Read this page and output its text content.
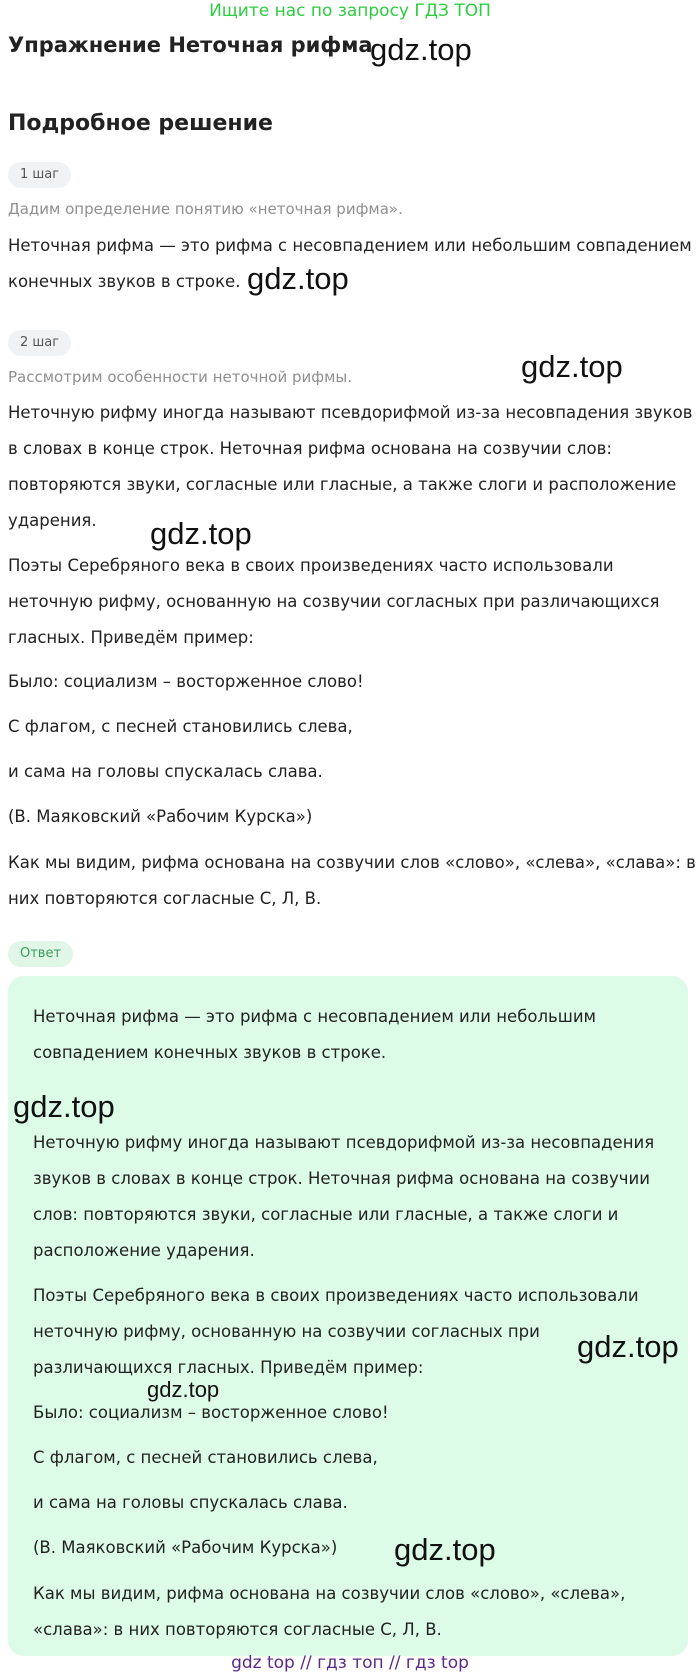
Ищите нас по запросу ГДЗ ТОП
Упражнение Неточная рифма
gdz.top
Подробное решение
1 шаг
Дадим определение понятию «неточная рифма».
Неточная рифма — это рифма с несовпадением или небольшим совпадением
конечных звуков в строке. gdz.top
2 шаг
Рассмотрим особенности неточной рифмы.	gdz.top
Неточную рифму иногда называют псевдорифмой из-за несовпадения звуков
в словах в конце строк. Неточная рифма основана на созвучии слов:
повторяются звуки, согласные или гласные, а также слоги и расположение
ударения.	gdz.top
Поэты Серебряного века в своих произведениях часто использовали
неточную рифму, основанную на созвучии согласных при различающихся
гласных. Приведём пример:
Было: социализм – восторженное слово!
С флагом, с песней становились слева,
и сама на головы спускалась слава.
(В. Маяковский «Рабочим Курска»)
Как мы видим, рифма основана на созвучии слов «слово», «слева», «слава»: в
них повторяются согласные С, Л, В.
Ответ
Неточная рифма — это рифма с несовпадением или небольшим
совпадением конечных звуков в строке.
gdz.top
Неточную рифму иногда называют псевдорифмой из-за несовпадения
звуков в словах в конце строк. Неточная рифма основана на созвучии
слов: повторяются звуки, согласные или гласные, а также слоги и
расположение ударения.
Поэты Серебряного века в своих произведениях часто использовали
неточную рифму, основанную на созвучии согласных при
различающихся гласных. Приведём пример:
gdz.top
gdz.top
Было: социализм – восторженное слово!
С флагом, с песней становились слева,
и сама на головы спускалась слава.
(В. Маяковский «Рабочим Курска») gdz.top
Как мы видим, рифма основана на созвучии слов «слово», «слева»,
«слава»: в них повторяются согласные С, Л, В.
gdz top // гдз топ // гдз top
